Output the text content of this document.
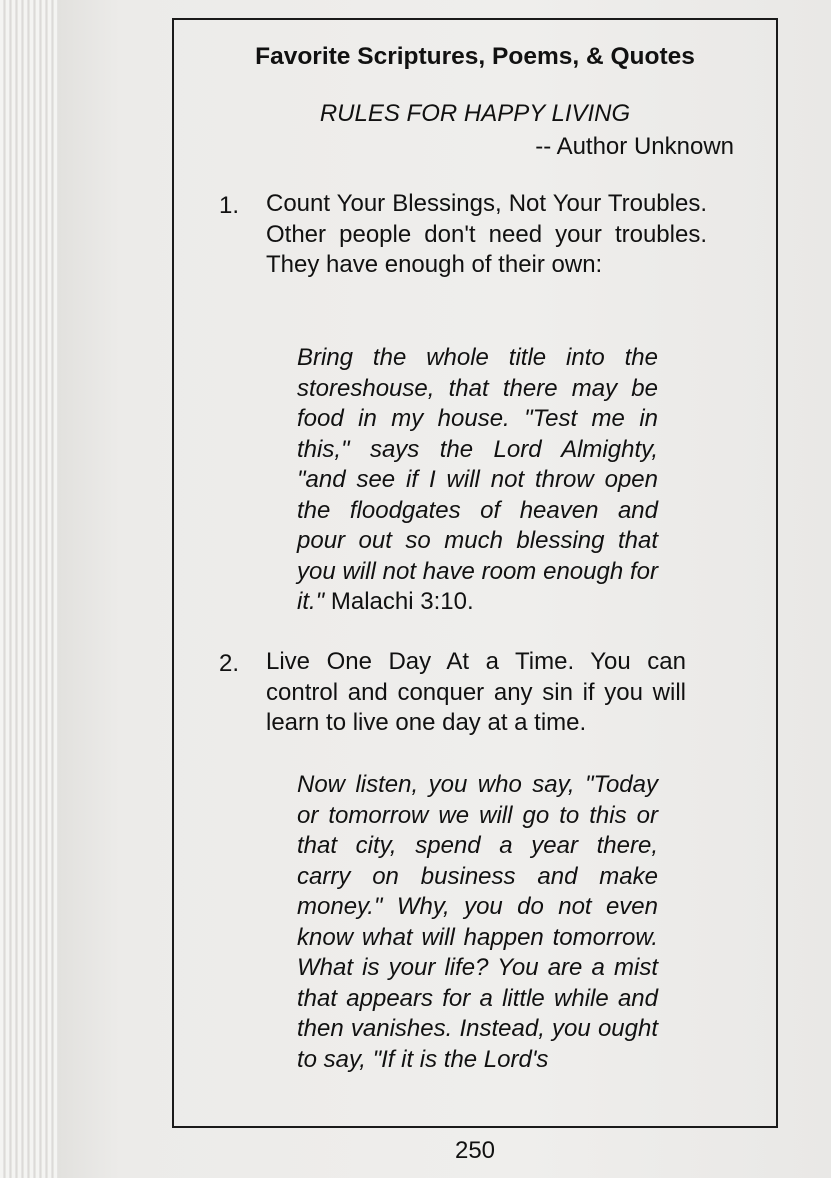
Favorite Scriptures, Poems, & Quotes
RULES FOR HAPPY LIVING
-- Author Unknown
1. Count Your Blessings, Not Your Troubles. Other people don't need your troubles. They have enough of their own:
Bring the whole title into the storeshouse, that there may be food in my house. "Test me in this," says the Lord Almighty, "and see if I will not throw open the floodgates of heaven and pour out so much blessing that you will not have room enough for it." Malachi 3:10.
2. Live One Day At a Time. You can control and conquer any sin if you will learn to live one day at a time.
Now listen, you who say, "Today or tomorrow we will go to this or that city, spend a year there, carry on business and make money." Why, you do not even know what will happen tomorrow. What is your life? You are a mist that appears for a little while and then vanishes. Instead, you ought to say, "If it is the Lord's
250
